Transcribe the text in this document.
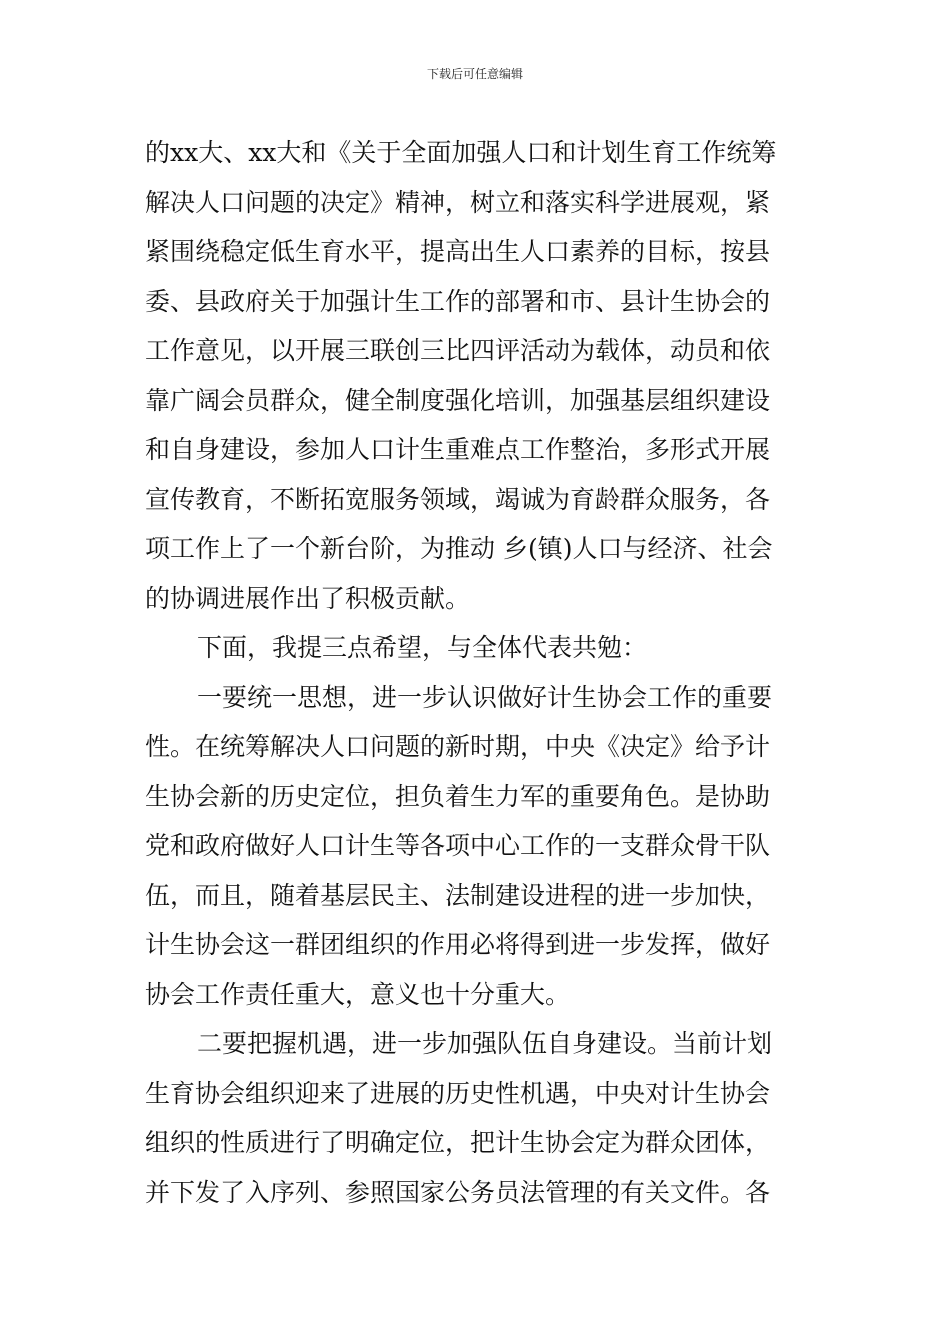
下载后可任意编辑
的xx大、xx大和《关于全面加强人口和计划生育工作统筹
解决人口问题的决定》精神，树立和落实科学进展观，紧
紧围绕稳定低生育水平，提高出生人口素养的目标，按县
委、县政府关于加强计生工作的部署和市、县计生协会的
工作意见，以开展三联创三比四评活动为载体，动员和依
靠广阔会员群众，健全制度强化培训，加强基层组织建设
和自身建设，参加人口计生重难点工作整治，多形式开展
宣传教育，不断拓宽服务领域，竭诚为育龄群众服务，各
项工作上了一个新台阶，为推动 乡(镇)人口与经济、社会
的协调进展作出了积极贡献。
下面，我提三点希望，与全体代表共勉：
一要统一思想，进一步认识做好计生协会工作的重要
性。在统筹解决人口问题的新时期，中央《决定》给予计
生协会新的历史定位，担负着生力军的重要角色。是协助
党和政府做好人口计生等各项中心工作的一支群众骨干队
伍，而且，随着基层民主、法制建设进程的进一步加快，
计生协会这一群团组织的作用必将得到进一步发挥，做好
协会工作责任重大，意义也十分重大。
二要把握机遇，进一步加强队伍自身建设。当前计划
生育协会组织迎来了进展的历史性机遇，中央对计生协会
组织的性质进行了明确定位，把计生协会定为群众团体，
并下发了入序列、参照国家公务员法管理的有关文件。各
